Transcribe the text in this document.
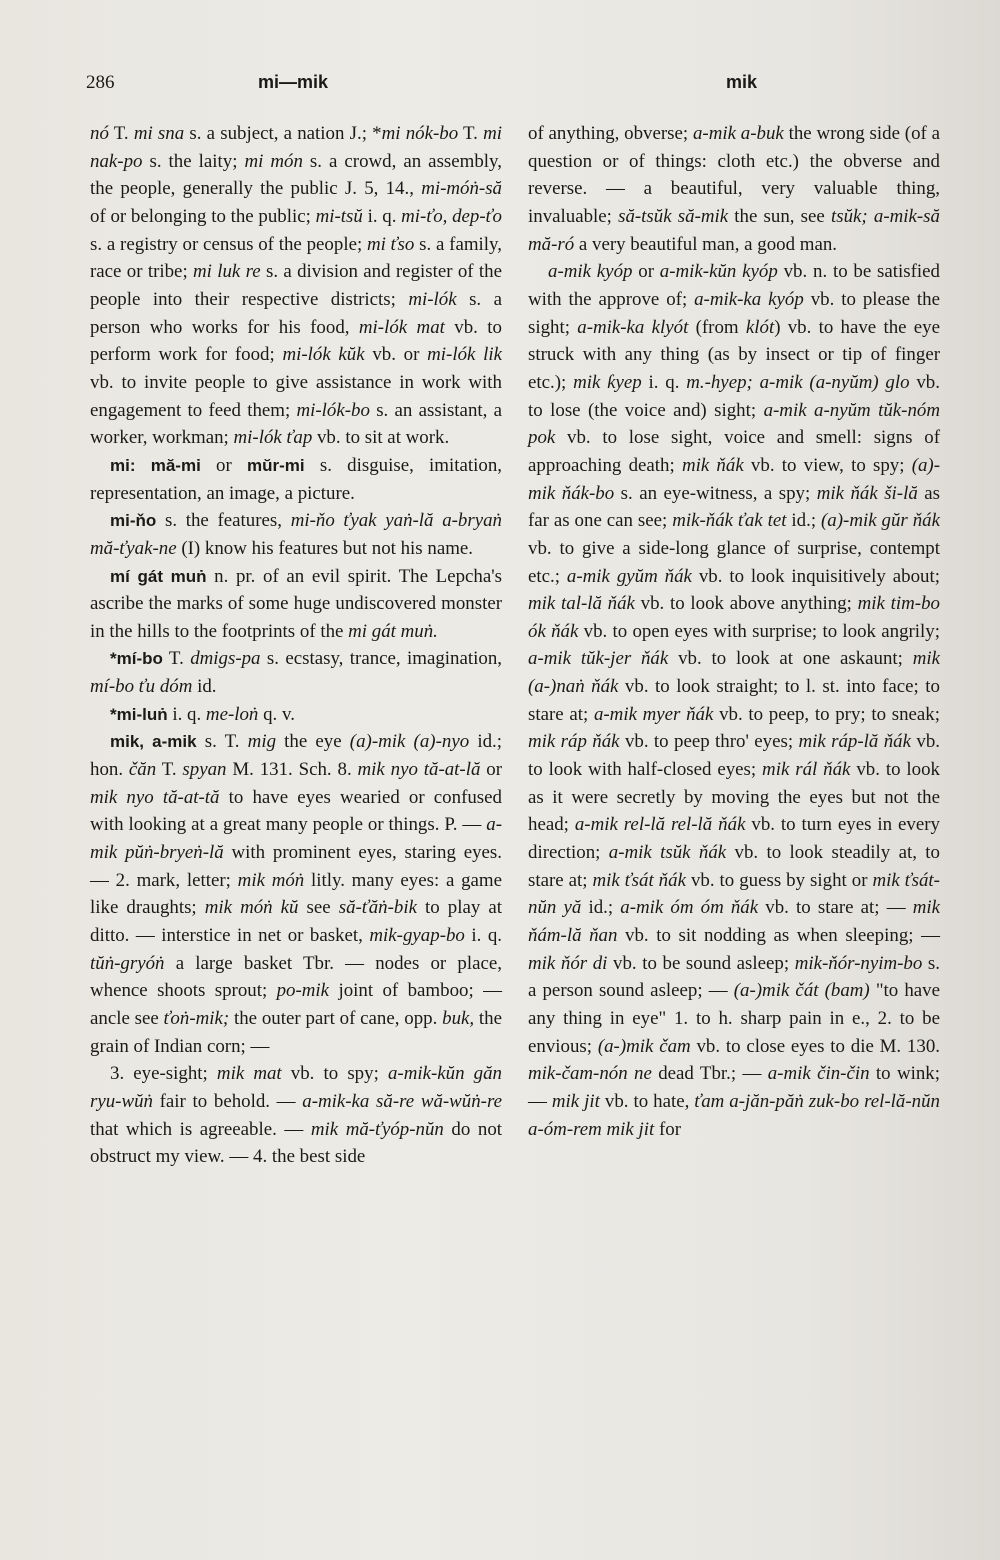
286	mi—mik	mik

nó T. mi sna s. a subject, a nation J.; *mi nók-bo T. mi nak-po s. the laity; mi món s. a crowd, an assembly, the people, generally the public J. 5, 14., mi-móṅ-să of or belonging to the public; mi-tsŭ i. q. mi-ťo, dep-ťo s. a registry or census of the people; mi ťso s. a family, race or tribe; mi luk re s. a division and register of the people into their respective districts; mi-lók s. a person who works for his food, mi-lók mat vb. to perform work for food; mi-lók kŭk vb. or mi-lók lik vb. to invite people to give assistance in work with engagement to feed them; mi-lók-bo s. an assistant, a worker, workman; mi-lók ťap vb. to sit at work.

mi: mă-mi or mŭr-mi s. disguise, imitation, representation, an image, a picture.

mi-ňo s. the features, mi-ňo ťyak yaṅ-lă a-bryaṅ mă-ťyak-ne (I) know his features but not his name.

mí gát muṅ n. pr. of an evil spirit. The Lepcha's ascribe the marks of some huge undiscovered monster in the hills to the footprints of the mi gát muṅ.

*mí-bo T. dmigs-pa s. ecstasy, trance, imagination, mí-bo ťu dóm id.

*mi-luṅ i. q. me-loṅ q. v.

mik, a-mik s. T. mig the eye (a)-mik (a)-nyo id.; hon. čăn T. spyan M. 131. Sch. 8. mik nyo tă-at-lă or mik nyo tă-at-tă to have eyes wearied or confused with looking at a great many people or things. P. — a-mik pŭṅ-bryeṅ-lă with prominent eyes, staring eyes. — 2. mark, letter; mik móṅ litly. many eyes: a game like draughts; mik móṅ kŭ see să-ťăṅ-bik to play at ditto. — interstice in net or basket, mik-gyap-bo i. q. tŭṅ-gryóṅ a large basket Tbr. — nodes or place, whence shoots sprout; po-mik joint of bamboo; — ancle see ťoṅ-mik; the outer part of cane, opp. buk, the grain of Indian corn; —

3. eye-sight; mik mat vb. to spy; a-mik-kŭn găn ryu-wŭṅ fair to behold. — a-mik-ka să-re wă-wŭṅ-re that which is agreeable. — mik mă-ťyóp-nŭn do not obstruct my view. — 4. the best side

of anything, obverse; a-mik a-buk the wrong side (of a question or of things: cloth etc.) the obverse and reverse. — a beautiful, very valuable thing, invaluable; să-tsŭk să-mik the sun, see tsŭk; a-mik-să mă-ró a very beautiful man, a good man.

a-mik kyóp or a-mik-kŭn kyóp vb. n. to be satisfied with the approve of; a-mik-ka kyóp vb. to please the sight; a-mik-ka klyót (from klót) vb. to have the eye struck with any thing (as by insect or tip of finger etc.); mik ƙyep i. q. m.-hyep; a-mik (a-nyŭm) glo vb. to lose (the voice and) sight; a-mik a-nyŭm tŭk-nóm pok vb. to lose sight, voice and smell: signs of approaching death; mik ňák vb. to view, to spy; (a)-mik ňák-bo s. an eye-witness, a spy; mik ňák ši-lă as far as one can see; mik-ňák ťak tet id.; (a)-mik gŭr ňák vb. to give a side-long glance of surprise, contempt etc.; a-mik gyŭm ňák vb. to look inquisitively about; mik tal-lă ňák vb. to look above anything; mik tim-bo ók ňák vb. to open eyes with surprise; to look angrily; a-mik tŭk-jer ňák vb. to look at one askaunt; mik (a-)naṅ ňák vb. to look straight; to l. st. into face; to stare at; a-mik myer ňák vb. to peep, to pry; to sneak; mik ráp ňák vb. to peep thro' eyes; mik ráp-lă ňák vb. to look with half-closed eyes; mik rál ňák vb. to look as it were secretly by moving the eyes but not the head; a-mik rel-lă rel-lă ňák vb. to turn eyes in every direction; a-mik tsŭk ňák vb. to look steadily at, to stare at; mik ťsát ňák vb. to guess by sight or mik ťsát-nŭn yă id.; a-mik óm óm ňák vb. to stare at; — mik ňám-lă ňan vb. to sit nodding as when sleeping; — mik ňór di vb. to be sound asleep; mik-ňór-nyim-bo s. a person sound asleep; — (a-)mik čát (bam) "to have any thing in eye" 1. to h. sharp pain in e., 2. to be envious; (a-)mik čam vb. to close eyes to die M. 130. mik-čam-nón ne dead Tbr.; — a-mik čin-čin to wink; — mik jit vb. to hate, ťam a-jăn-păṅ zuk-bo rel-lă-nŭn a-óm-rem mik jit for
